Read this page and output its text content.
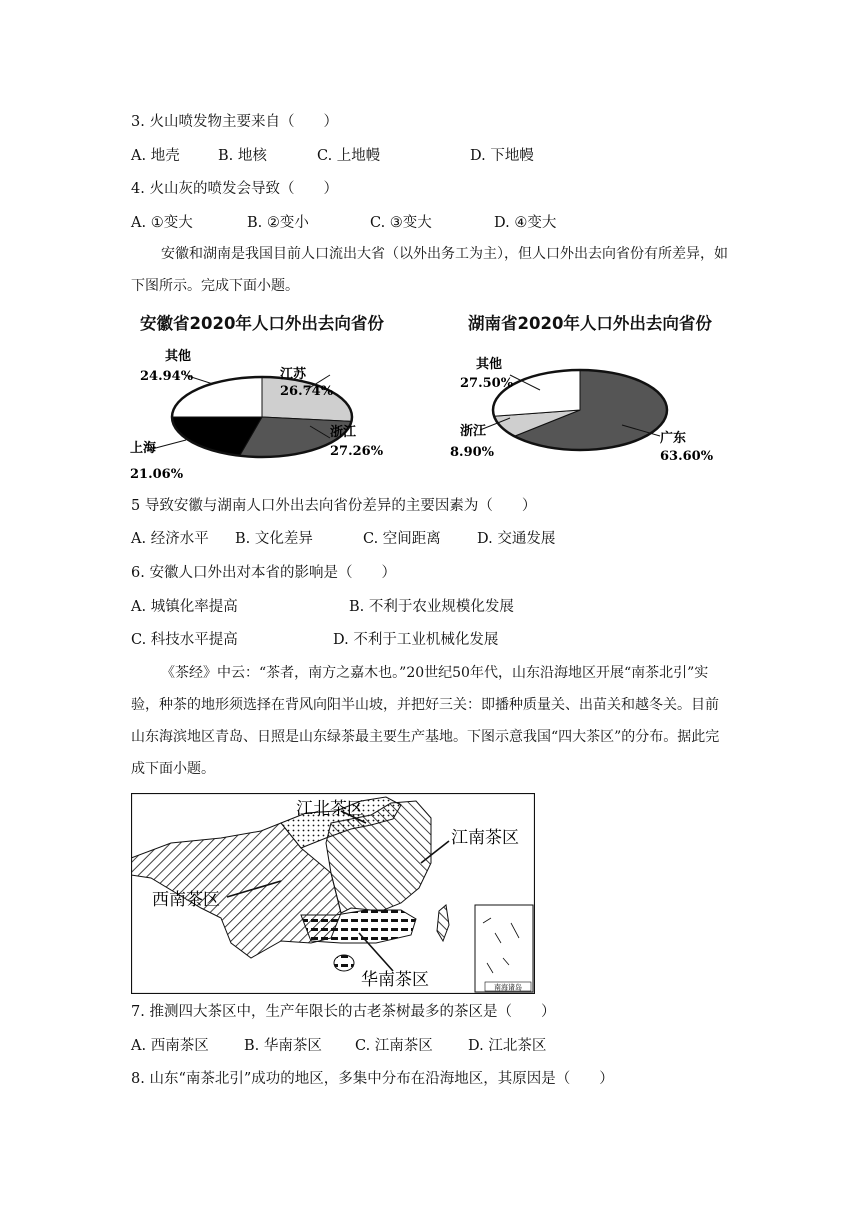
3. 火山喷发物主要来自（　　）
A. 地壳	B. 地核	C. 上地幔	D. 下地幔
4. 火山灰的喷发会导致（　　）
A. ①变大	B. ②变小	C. ③变大	D. ④变大
安徽和湖南是我国目前人口流出大省（以外出务工为主），但人口外出去向省份有所差异，如下图所示。完成下面小题。
安徽省2020年人口外出去向省份	湖南省2020年人口外出去向省份
江苏
26.74%
浙江
27.26%
上海
21.06%
其他
24.94%
广东
63.60%
浙江
8.90%
其他
27.50%
5 导致安徽与湖南人口外出去向省份差异的主要因素为（　　）
A. 经济水平 B. 文化差异	C. 空间距离 D. 交通发展
6. 安徽人口外出对本省的影响是（　　）
A. 城镇化率提高	B. 不利于农业规模化发展
C. 科技水平提高	D. 不利于工业机械化发展
《茶经》中云：“茶者，南方之嘉木也。”20世纪50年代，山东沿海地区开展“南茶北引”实验，种茶的地形须选择在背风向阳半山坡，并把好三关：即播种质量关、出苗关和越冬关。目前山东海滨地区青岛、日照是山东绿茶最主要生产基地。下图示意我国“四大茶区”的分布。据此完成下面小题。
南海诸岛
江北茶区
江南茶区
西南茶区
华南茶区
7. 推测四大茶区中，生产年限长的古老茶树最多的茶区是（　　）
A. 西南茶区 B. 华南茶区 C. 江南茶区 D. 江北茶区
8. 山东“南茶北引”成功的地区，多集中分布在沿海地区，其原因是（　　）
